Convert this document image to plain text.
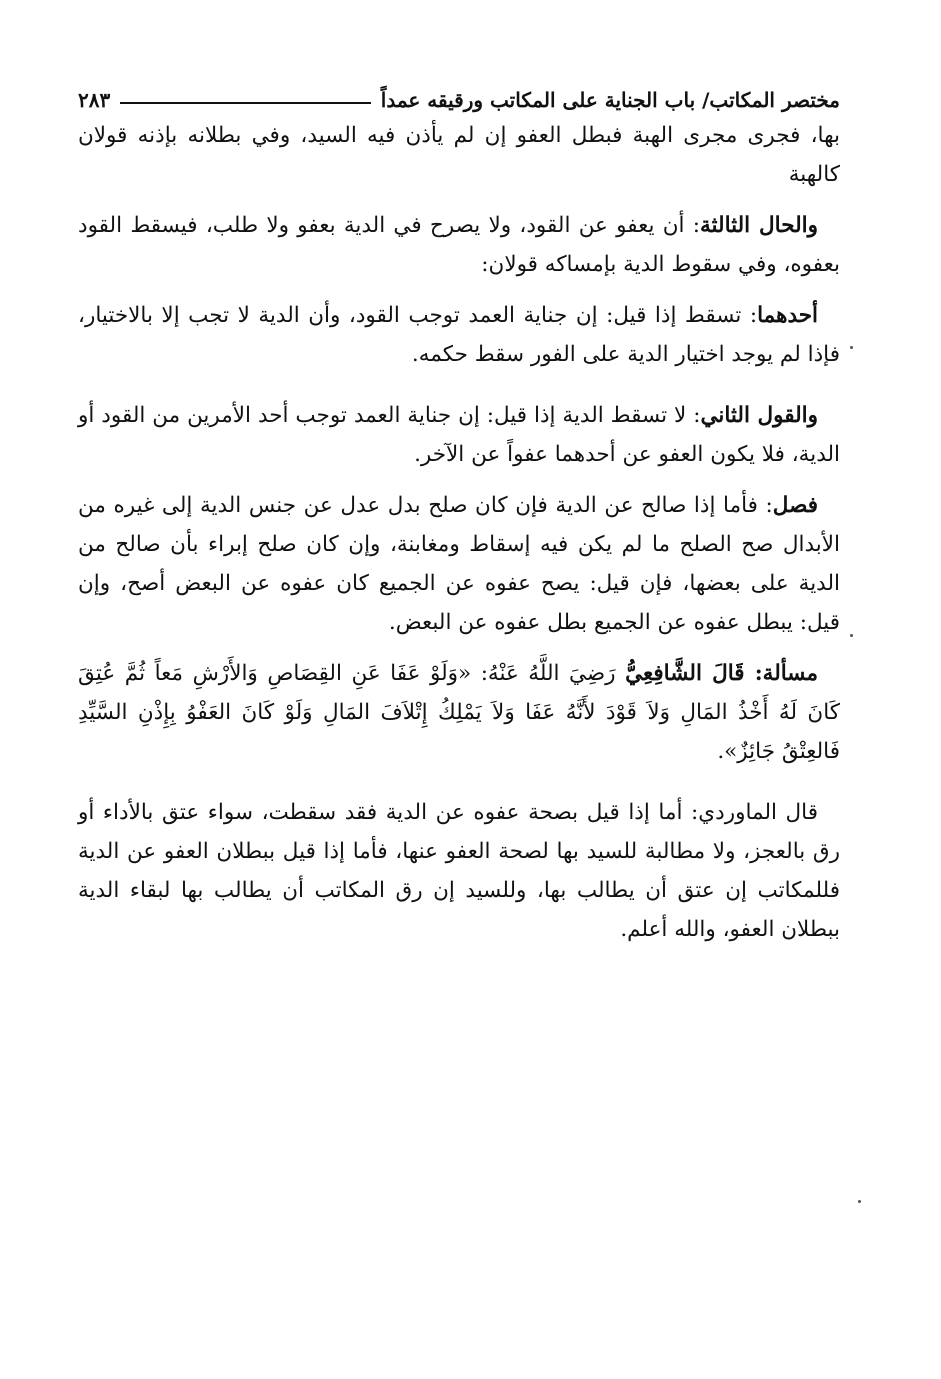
مختصر المكاتب/ باب الجناية على المكاتب ورقيقه عمداً
٢٨٣

بها، فجرى مجرى الهبة فبطل العفو إن لم يأذن فيه السيد، وفي بطلانه بإذنه قولان كالهبة

والحال الثالثة: أن يعفو عن القود، ولا يصرح في الدية بعفو ولا طلب، فيسقط القود بعفوه، وفي سقوط الدية بإمساكه قولان:

أحدهما: تسقط إذا قيل: إن جناية العمد توجب القود، وأن الدية لا تجب إلا بالاختيار، فإذا لم يوجد اختيار الدية على الفور سقط حكمه.

والقول الثاني: لا تسقط الدية إذا قيل: إن جناية العمد توجب أحد الأمرين من القود أو الدية، فلا يكون العفو عن أحدهما عفواً عن الآخر.

فصل: فأما إذا صالح عن الدية فإن كان صلح بدل عدل عن جنس الدية إلى غيره من الأبدال صح الصلح ما لم يكن فيه إسقاط ومغابنة، وإن كان صلح إبراء بأن صالح من الدية على بعضها، فإن قيل: يصح عفوه عن الجميع كان عفوه عن البعض أصح، وإن قيل: يبطل عفوه عن الجميع بطل عفوه عن البعض.

مسألة: قَالَ الشَّافِعِيُّ رَضِيَ اللَّهُ عَنْهُ: «وَلَوْ عَفَا عَنِ القِصَاصِ وَالأَرْشِ مَعاً ثُمَّ عُتِقَ كَانَ لَهُ أَخْذُ المَالِ وَلاَ قَوْدَ لأَنَّهُ عَفَا وَلاَ يَمْلِكُ إِتْلاَفَ المَالِ وَلَوْ كَانَ العَفْوُ بِإِذْنِ السَّيِّدِ فَالعِتْقُ جَائِزٌ».

قال الماوردي: أما إذا قيل بصحة عفوه عن الدية فقد سقطت، سواء عتق بالأداء أو رق بالعجز، ولا مطالبة للسيد بها لصحة العفو عنها، فأما إذا قيل ببطلان العفو عن الدية فللمكاتب إن عتق أن يطالب بها، وللسيد إن رق المكاتب أن يطالب بها لبقاء الدية ببطلان العفو، والله أعلم.
